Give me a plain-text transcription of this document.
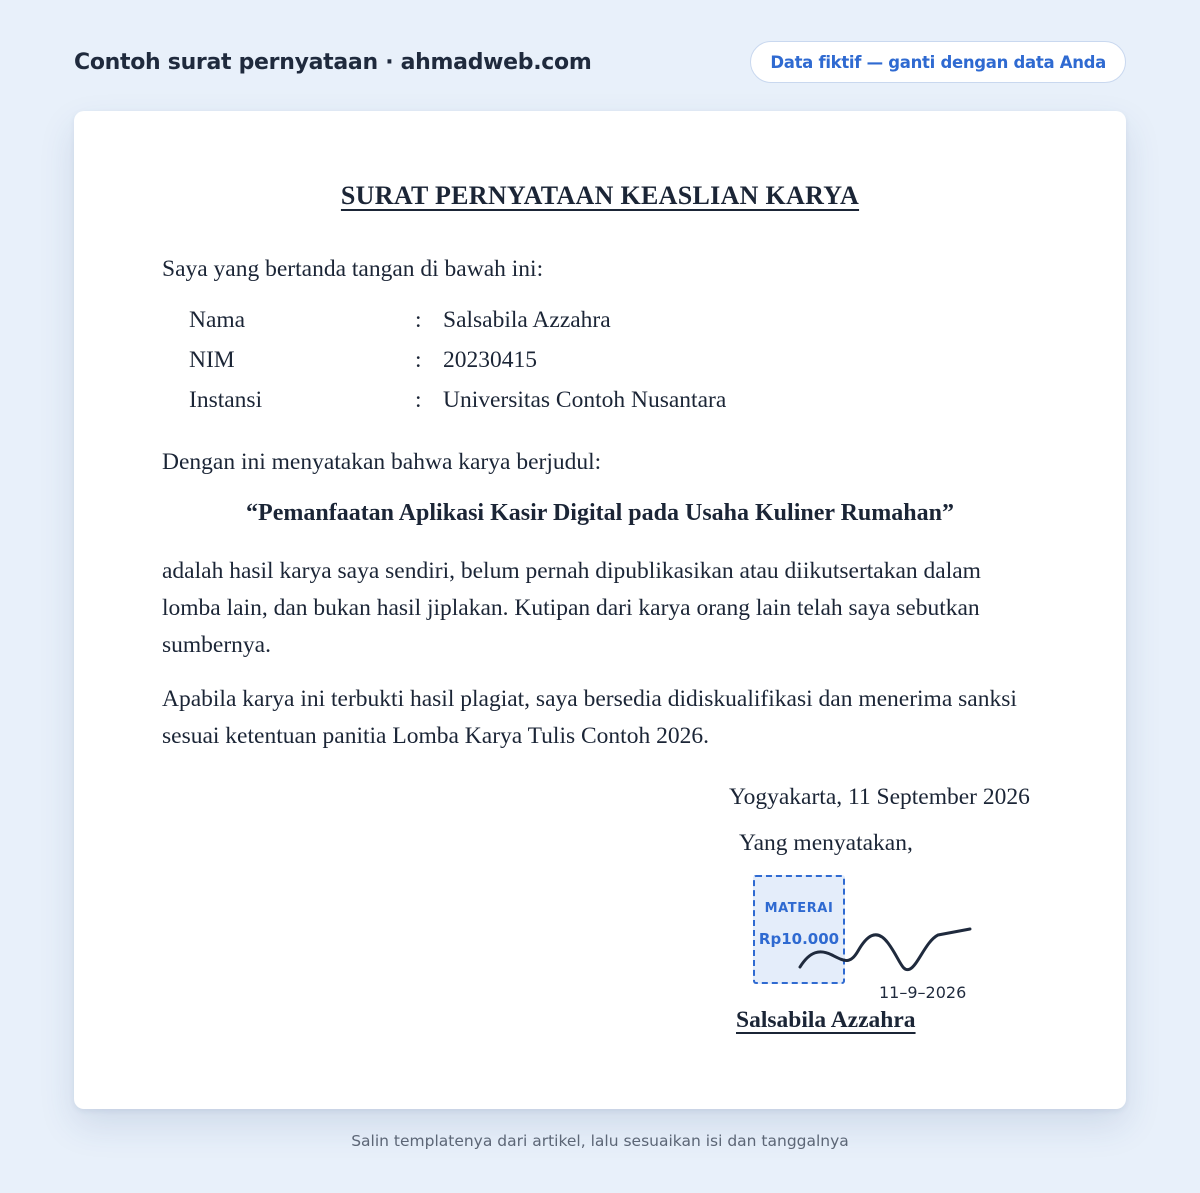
Contoh surat pernyataan · ahmadweb.com	Data fiktif — ganti dengan data Anda
SURAT PERNYATAAN KEASLIAN KARYA
Saya yang bertanda tangan di bawah ini:
Nama	: Salsabila Azzahra
NIM	: 20230415
Instansi	: Universitas Contoh Nusantara
Dengan ini menyatakan bahwa karya berjudul:
“Pemanfaatan Aplikasi Kasir Digital pada Usaha Kuliner Rumahan”
adalah hasil karya saya sendiri, belum pernah dipublikasikan atau diikutsertakan dalam lomba lain, dan bukan hasil jiplakan. Kutipan dari karya orang lain telah saya sebutkan sumbernya.
Apabila karya ini terbukti hasil plagiat, saya bersedia didiskualifikasi dan menerima sanksi sesuai ketentuan panitia Lomba Karya Tulis Contoh 2026.
Yogyakarta, 11 September 2026
Yang menyatakan,
MATERAI
Rp10.000
11–9–2026
Salsabila Azzahra
Salin templatenya dari artikel, lalu sesuaikan isi dan tanggalnya
